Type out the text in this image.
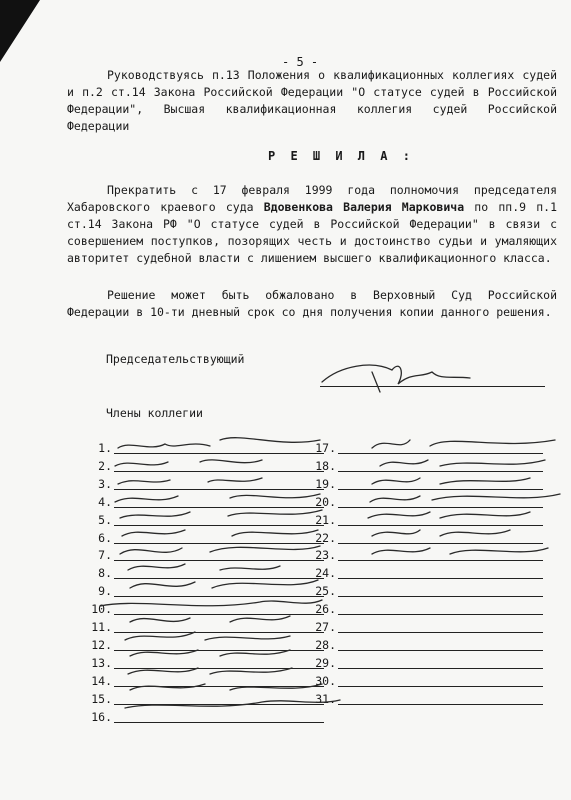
- 5 -
Руководствуясь п.13 Положения о квалификационных коллегиях судей и п.2 ст.14 Закона Российской Федерации "О статусе судей в Российской Федерации", Высшая квалификационная коллегия судей Российской Федерации
Р Е Ш И Л А :
Прекратить с 17 февраля 1999 года полномочия председателя Хабаровского краевого суда Вдовенкова Валерия Марковича по пп.9 п.1 ст.14 Закона РФ "О статусе судей в Российской Федерации" в связи с совершением поступков, позорящих честь и достоинство судьи и умаляющих авторитет судебной власти с лишением высшего квалификационного класса.
Решение может быть обжаловано в Верховный Суд Российской Федерации в 10-ти дневный срок со дня получения копии данного решения.
Председательствующий
Члены коллегии
1.
2.
3.
4.
5.
6.
7.
8.
9.
10.
11.
12.
13.
14.
15.
16.
17.
18.
19.
20.
21.
22.
23.
24.
25.
26.
27.
28.
29.
30.
31.
